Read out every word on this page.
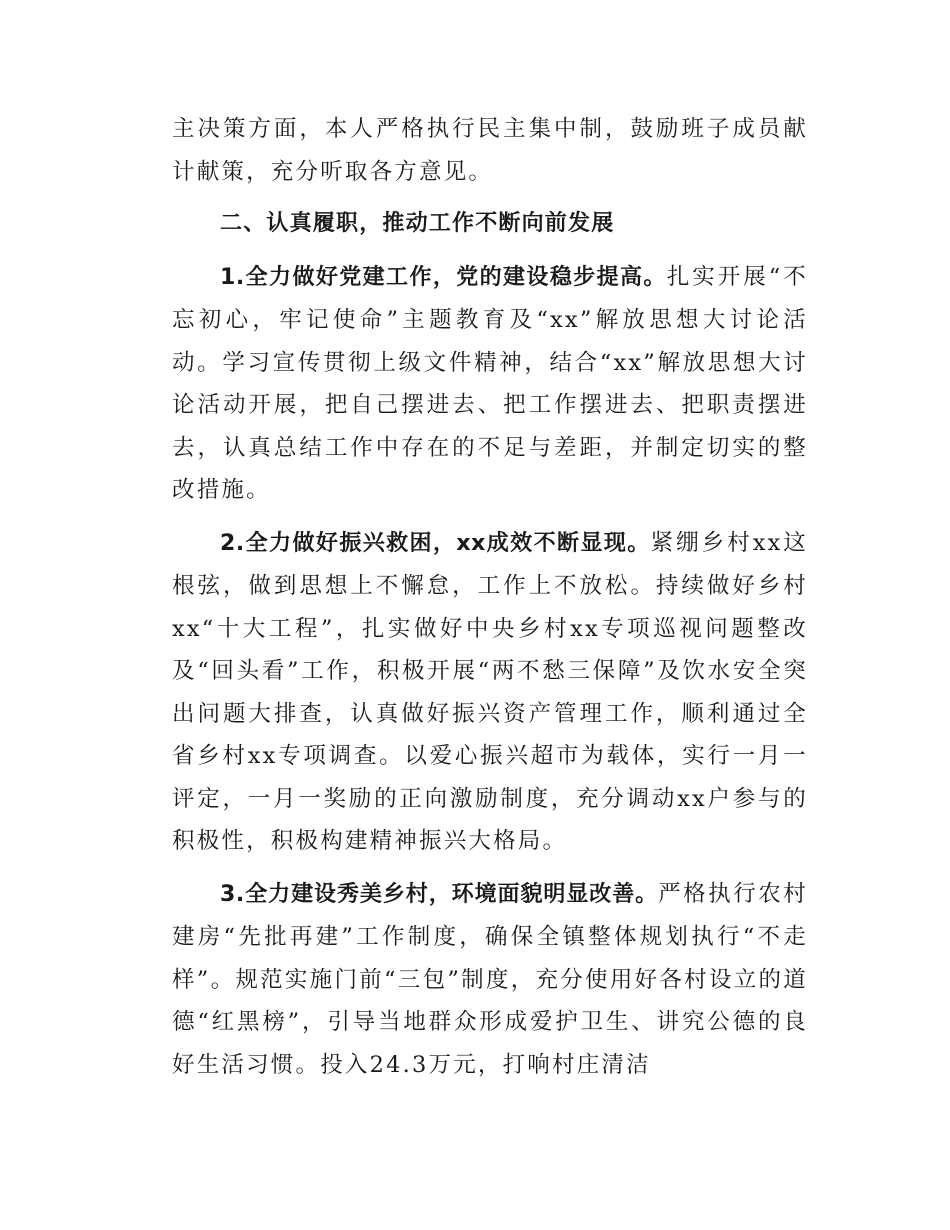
主决策方面，本人严格执行民主集中制，鼓励班子成员献计献策，充分听取各方意见。

二、认真履职，推动工作不断向前发展

1.全力做好党建工作，党的建设稳步提高。扎实开展“不忘初心，牢记使命”主题教育及“xx”解放思想大讨论活动。学习宣传贯彻上级文件精神，结合“xx”解放思想大讨论活动开展，把自己摆进去、把工作摆进去、把职责摆进去，认真总结工作中存在的不足与差距，并制定切实的整改措施。

2.全力做好振兴救困，xx成效不断显现。紧绷乡村xx这根弦，做到思想上不懈怠，工作上不放松。持续做好乡村xx“十大工程”，扎实做好中央乡村xx专项巡视问题整改及“回头看”工作，积极开展“两不愁三保障”及饮水安全突出问题大排查，认真做好振兴资产管理工作，顺利通过全省乡村xx专项调查。以爱心振兴超市为载体，实行一月一评定，一月一奖励的正向激励制度，充分调动xx户参与的积极性，积极构建精神振兴大格局。

3.全力建设秀美乡村，环境面貌明显改善。严格执行农村建房“先批再建”工作制度，确保全镇整体规划执行“不走样”。规范实施门前“三包”制度，充分使用好各村设立的道德“红黑榜”，引导当地群众形成爱护卫生、讲究公德的良好生活习惯。投入24.3万元，打响村庄清洁
